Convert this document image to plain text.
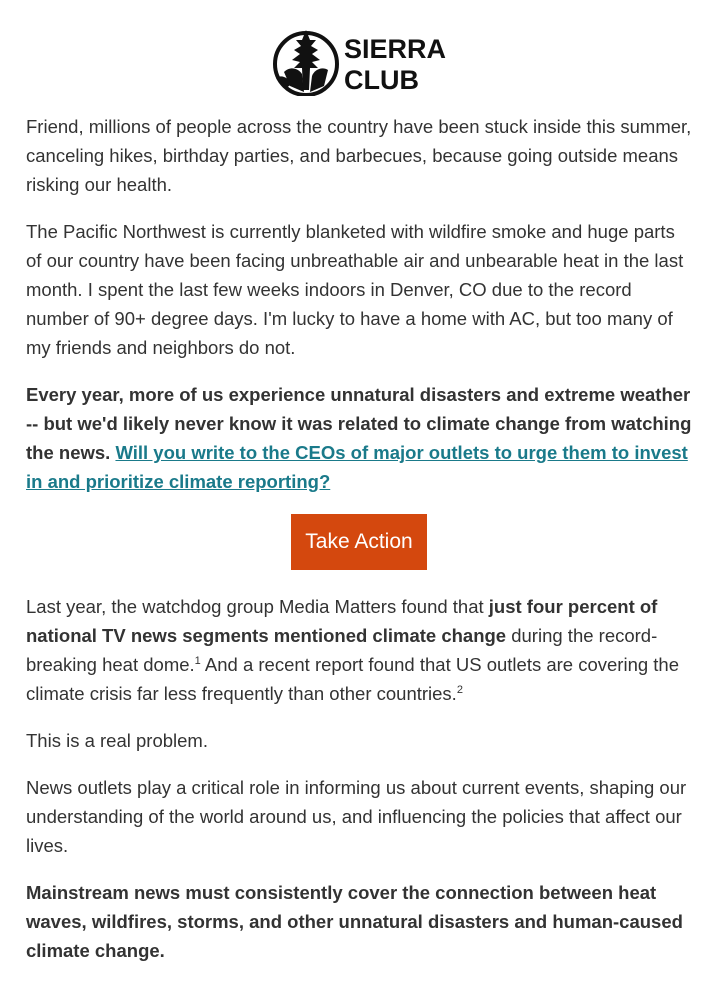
SIERRA
CLUB

Friend, millions of people across the country have been stuck inside this summer, canceling hikes, birthday parties, and barbecues, because going outside means risking our health.

The Pacific Northwest is currently blanketed with wildfire smoke and huge parts of our country have been facing unbreathable air and unbearable heat in the last month. I spent the last few weeks indoors in Denver, CO due to the record number of 90+ degree days. I'm lucky to have a home with AC, but too many of my friends and neighbors do not.

Every year, more of us experience unnatural disasters and extreme weather -- but we'd likely never know it was related to climate change from watching the news. Will you write to the CEOs of major outlets to urge them to invest in and prioritize climate reporting?

Take Action

Last year, the watchdog group Media Matters found that just four percent of national TV news segments mentioned climate change during the record-breaking heat dome.$^1$ And a recent report found that US outlets are covering the climate crisis far less frequently than other countries.$^2$

This is a real problem.

News outlets play a critical role in informing us about current events, shaping our understanding of the world around us, and influencing the policies that affect our lives.

Mainstream news must consistently cover the connection between heat waves, wildfires, storms, and other unnatural disasters and human-caused climate change.
